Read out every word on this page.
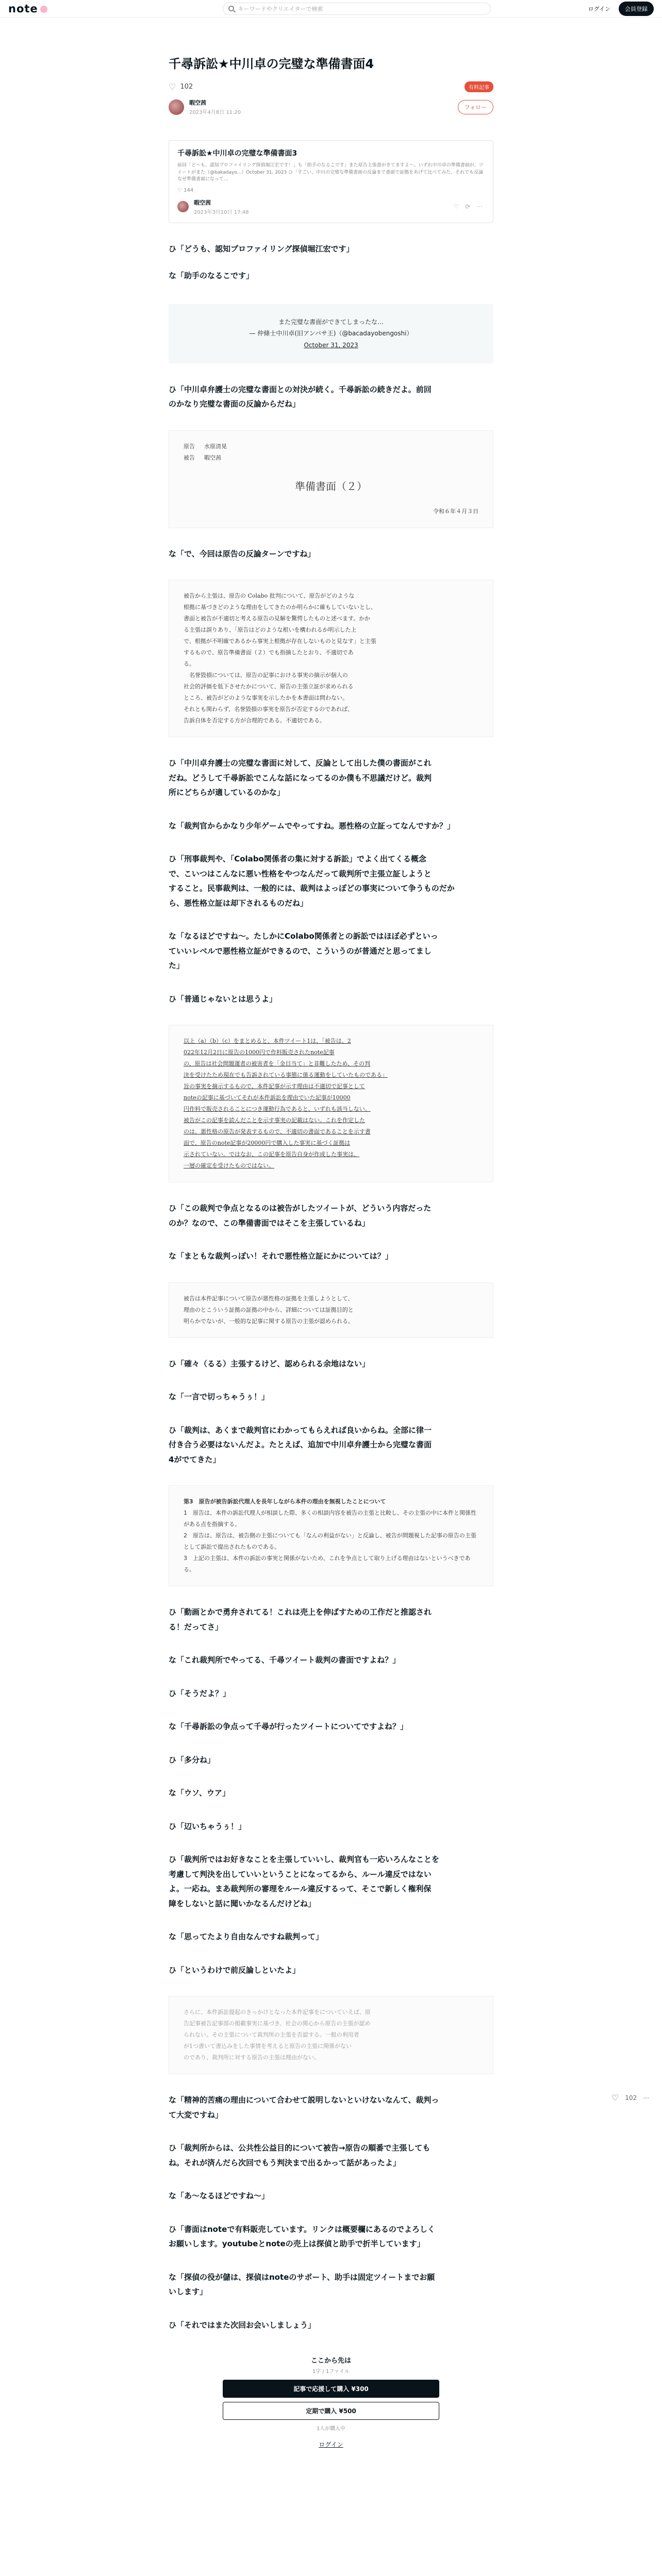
note	キーワードやクリエイターで検索	ログイン	会員登録
千尋訴訟★中川卓の完璧な準備書面4
♡ 102	有料記事
暇空茜
2023年4月8日 11:20
フォロー
千尋訴訟★中川卓の完璧な準備書面3
前回「ど～も、認知プロファイリング探偵堀江宏です！」も「助手のなるこです」また原告主張書がきてますよ～。いずれ中川卓の準備書面が、ツイートがまた（@bakadayo...）October 31, 2023 ひ「すごい、中川の完璧な準備書面の反論まで書面で証拠をあげて比べてみた、それでも反論なぜ準備書面になって…
♡ 144
暇空茜
2023年3月10日 17:48
♡ ⟳ ⋯

ひ「どうも、認知プロファイリング探偵堀江宏です」

な「助手のなるこです」

また完璧な書面ができてしまったな…
— 仲條士中川卓(旧アンバサ王)（@bacadayobengoshi）
October 31, 2023

ひ「中川卓弁護士の完璧な書面との対決が続く。千尋訴訟の続きだよ。前回
のかなり完璧な書面の反論からだね」

原告 水原清晃
被告 暇空茜
準備書面（２）
令和６年４月３日

な「で、今回は原告の反論ターンですね」

被告から主張は、原告の Colabo 批判について、原告がどのような
根拠に基づきどのような理由をしてきたのか明らかに確もしていないとし、
書面と被告が不適切と考える原告の見解を驚愕したものと述べます。かか
る主張は誤りあり、「原告はどのような根いを構われるか明示した上
で、根拠が不明確であるから事実上根拠が存在しないものと見なす」と主張
するもので、原告準備書面（２）でも指摘したとおり、不適切であ
る。
　名誉毀損については、原告の記事における事実の摘示が個人の
社会的評価を低下させたかについて、原告の主張立証が求められる
ところ、被告がどのような事実を示したかを本書面は問わない。
それとも関わらず、名誉毀損の事実を原告が否定するのであれば、
告訴自体を否定する方が合理的である。不適切である。

ひ「中川卓弁護士の完璧な書面に対して、反論として出した僕の書面がこれ
だね。どうして千尋訴訟でこんな話になってるのか僕も不思議だけど。裁判
所にどちらが適しているのかな」

な「裁判官からかなり少年ゲームでやってすね。悪性格の立証ってなんですか？」

ひ「刑事裁判や、「Colabo関係者の集に対する訴訟」でよく出てくる概念
で、こいつはこんなに悪い性格をやつなんだって裁判所で主張立証しようと
すること。民事裁判は、一般的には、裁判はよっぽどの事実について争うものだか
ら、悪性格立証は却下されるものだね」

な「なるほどですね～。たしかにColabo関係者との訴訟ではほぼ必ずといっ
ていいレベルで悪性格立証ができるので、こういうのが普通だと思ってまし
た」

ひ「普通じゃないとは思うよ」

以上（a）（b）（c）をまとめると、本件ツイート1は、「被告は、2
022年12月2日に原告の1000円で作料販売されたnote記事
の、原告は社会問題運者の被害者を「金目当て」と非難したため、その判
決を受けたため現在でも告訴されている事態に係る運動をしていたものである」
旨の事実を摘示するもので、本件記事が示す理由は不適切で記事として
noteの記事に基づいてそれが本件訴訟を理由でいた記事が10000
円作料で販売されることにつき運動行為であると、いずれも該当しない。
被告がこの記事を読んだことを示す事実の記載はない。これを作定した
のは、悪性格の原告が発表するもので、不適切の書面であることを示す書
面で、原告のnote記事が20000円で購入した事実に基づく証拠は
示されていない。ではなお、この記事を原告自身が作成した事実は、
一層の確定を受けたものではない。

ひ「この裁判で争点となるのは被告がしたツイートが、どういう内容だった
のか？なので、この準備書面ではそこを主張しているね」

な「まともな裁判っぽい！それで悪性格立証にかについては？」

被告は本件記事について原告が悪性格の証拠を主張しようとして、
理由のとこういう証拠の証拠の中から、詳細については証拠目的と
明らかでないが、一般的な記事に関する原告の主張が認められる。

ひ「確々（るる）主張するけど、認められる余地はない」

な「一言で切っちゃうぅ！」

ひ「裁判は、あくまで裁判官にわかってもらえれば良いからね。全部に律一
付き合う必要はないんだよ。たとえば、追加で中川卓弁護士から完璧な書面
4がでてきた」

第3　原告が被告訴訟代理人を長年しながら本件の理由を無視したことについて
1　原告は、本件の訴訟代理人が相談した際、多くの相談内容を被告の主張と比較し、その主張の中に本件と関係性がある点を指摘する。
2　原告は、原告は、被告側の主張についても「なんの利益がない」と反論し、被告が問題視した記事の原告の主張として訴訟で提出されたものである。
3　上記の主張は、本件の訴訟の事実と関係がないため、これを争点として取り上げる理由はないというべきである。

ひ「動画とかで勇弁されてる！これは売上を伸ばすための工作だと推認され
る！だってさ」

な「これ裁判所でやってる、千尋ツイート裁判の書面ですよね？」

ひ「そうだよ？」

な「千尋訴訟の争点って千尋が行ったツイートについてですよね？」

ひ「多分ね」

な「ウソ、ウア」

ひ「辺いちゃうぅ！」

ひ「裁判所ではお好きなことを主張していいし、裁判官も一応いろんなことを
考慮して判決を出していいということになってるから、ルール違反ではない
よ。一応ね。まあ裁判所の審理をルール違反するって、そこで新しく権利保
障をしないと話に聞いかなるんだけどね」

な「思ってたより自由なんですね裁判って」

ひ「というわけで前反論しといたよ」

さらに、本件訴訟提起のきっかけとなった本件記事をについていえば、原
告記事被告記事部の掲載事実に基づき、社会の関心から原告の主張が認め
られない。その主張について裁判所の主張を否認する。一般の利用者
が1つ書いて書込みをした事情を考えると原告の主張に関係がない
のであり、裁判所に対する原告の主張は理由がない。

な「精神的苦痛の理由について合わせて説明しないといけないなんて、裁判っ
て大変ですね」

ひ「裁判所からは、公共性公益目的について被告→原告の順番で主張しても
ね。それが済んだら次回でもう判決まで出るかって話があったよ」

な「あ～なるほどですね～」

ひ「書面はnoteで有料販売しています。リンクは概要欄にあるのでよろしく
お願いします。youtubeとnoteの売上は探偵と助手で折半しています」

な「探偵の役が儲は、探偵はnoteのサポート、助手は固定ツイートまでお願
いします」

ひ「それではまた次回お会いしましょう」

ここから先は
1字 / 1ファイル
記事で応援して購入 ¥300
定期で購入 ¥500
1人が購入中
ログイン
♡ 102 ⋯
